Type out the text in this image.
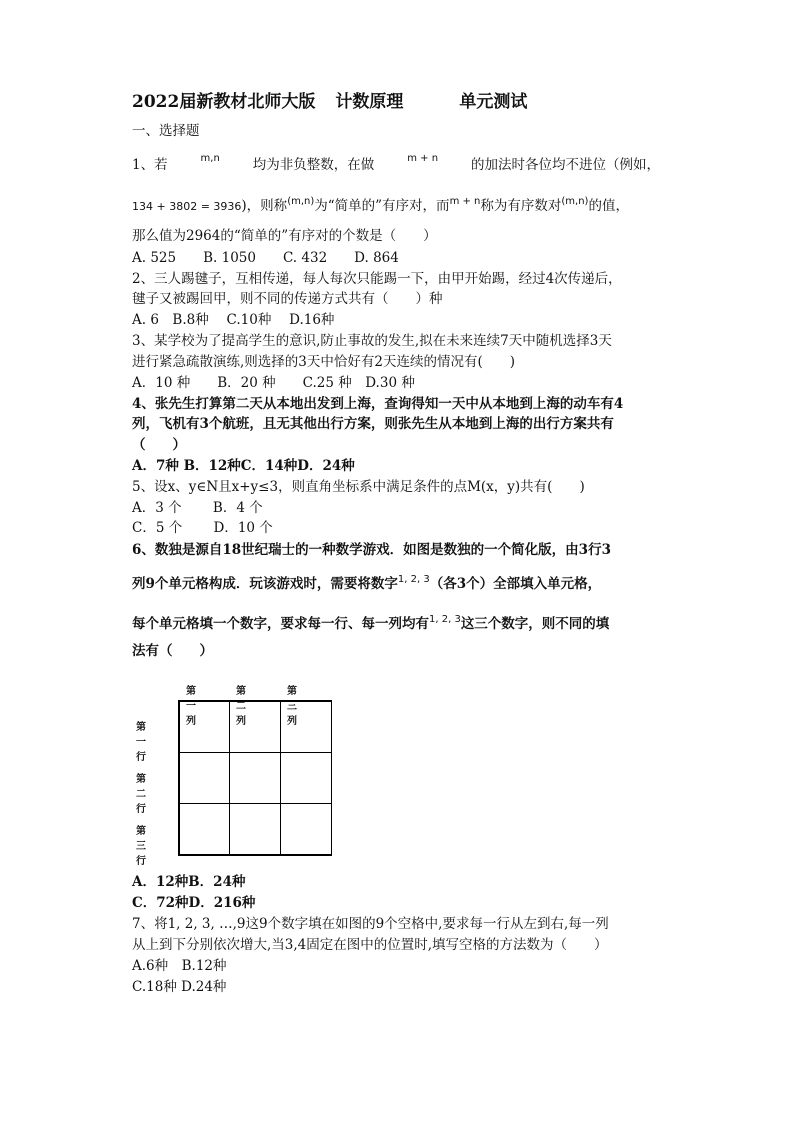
2022届新教材北师大版 计数原理	单元测试
一、选择题
1、若	m,n 均为非负整数，在做	m + n 的加法时各位均不进位（例如，
134 + 3802 = 3936)，则称$^{(m,n)}$为“简单的”有序对，而$^{m + n}$称为有序数对$^{(m,n)}$的值，
那么值为2964的“简单的”有序对的个数是（　　）
A. 525　　B. 1050　　C. 432　　D. 864
2、三人踢毽子，互相传递，每人每次只能踢一下，由甲开始踢，经过4次传递后，
毽子又被踢回甲，则不同的传递方式共有（　　）种
A. 6　B.8种　 C.10种　 D.16种
3、某学校为了提高学生的意识,防止事故的发生,拟在未来连续7天中随机选择3天
进行紧急疏散演练,则选择的3天中恰好有2天连续的情况有(　　)
A．10 种　　B．20 种　　C.25 种　D.30 种
4、张先生打算第二天从本地出发到上海，查询得知一天中从本地到上海的动车有4
列，飞机有3个航班，且无其他出行方案，则张先生从本地到上海的出行方案共有
（　　）
A．7种 B．12种C．14种D．24种
5、设x、y∈N且x+y≤3，则直角坐标系中满足条件的点M(x，y)共有(　　)
A．3 个　　 B．4 个
C．5 个　　 D．10 个
6、数独是源自18世纪瑞士的一种数学游戏．如图是数独的一个简化版，由3行3
列9个单元格构成．玩该游戏时，需要将数字$^{1, 2, 3}$（各3个）全部填入单元格，
每个单元格填一个数字，要求每一行、每一列均有$^{1, 2, 3}$这三个数字，则不同的填
法有（　　）
第一列
第二列
第三列
第一行
第二行
第三行
A．12种B．24种
C．72种D．216种
7、将1, 2, 3, …,9这9个数字填在如图的9个空格中,要求每一行从左到右,每一列
从上到下分别依次增大,当3,4固定在图中的位置时,填写空格的方法数为（　　）
A.6种　B.12种
C.18种 D.24种
